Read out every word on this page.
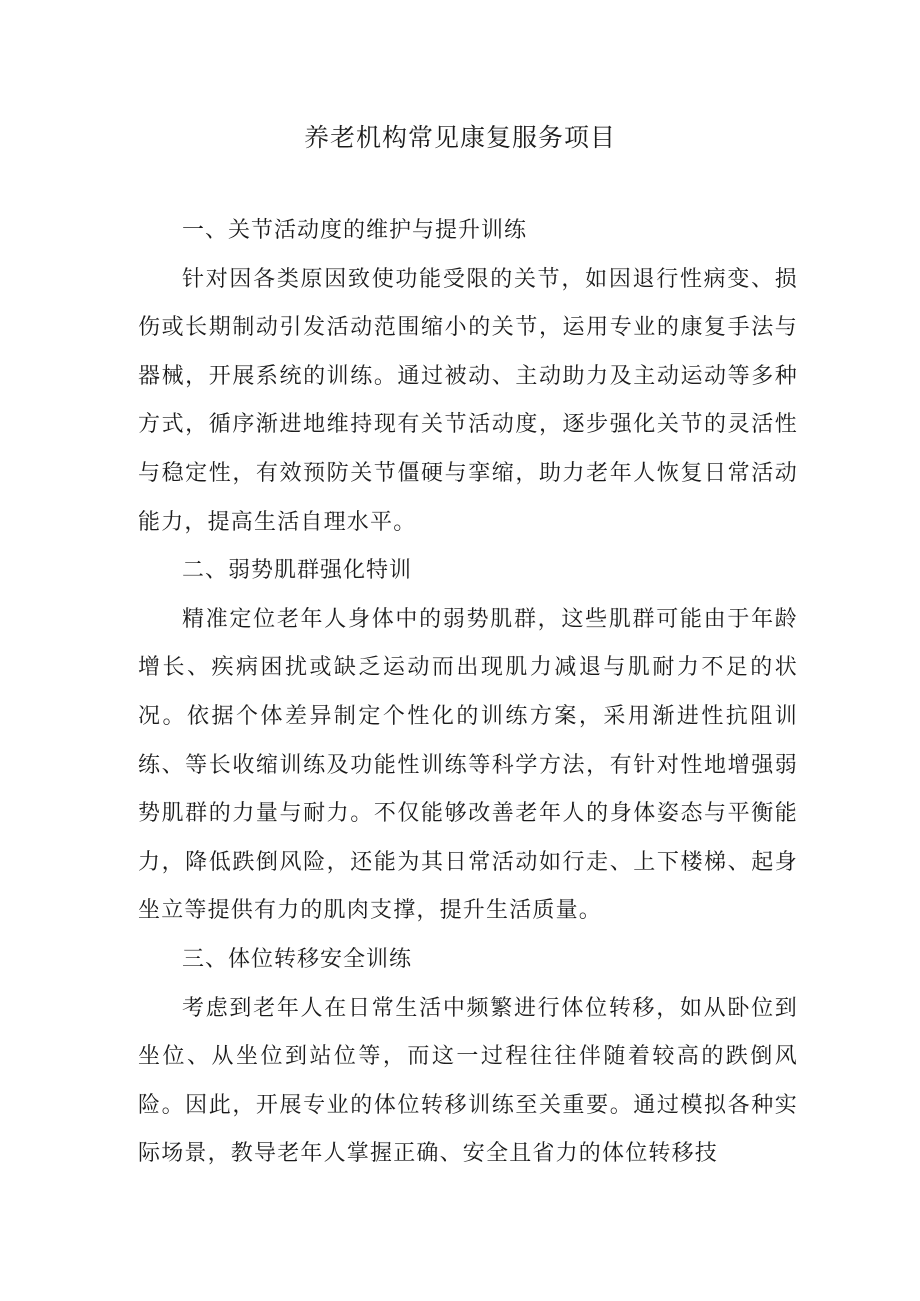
养老机构常见康复服务项目

一、关节活动度的维护与提升训练

针对因各类原因致使功能受限的关节，如因退行性病变、损伤或长期制动引发活动范围缩小的关节，运用专业的康复手法与器械，开展系统的训练。通过被动、主动助力及主动运动等多种方式，循序渐进地维持现有关节活动度，逐步强化关节的灵活性与稳定性，有效预防关节僵硬与挛缩，助力老年人恢复日常活动能力，提高生活自理水平。

二、弱势肌群强化特训

精准定位老年人身体中的弱势肌群，这些肌群可能由于年龄增长、疾病困扰或缺乏运动而出现肌力减退与肌耐力不足的状况。依据个体差异制定个性化的训练方案，采用渐进性抗阻训练、等长收缩训练及功能性训练等科学方法，有针对性地增强弱势肌群的力量与耐力。不仅能够改善老年人的身体姿态与平衡能力，降低跌倒风险，还能为其日常活动如行走、上下楼梯、起身坐立等提供有力的肌肉支撑，提升生活质量。

三、体位转移安全训练

考虑到老年人在日常生活中频繁进行体位转移，如从卧位到坐位、从坐位到站位等，而这一过程往往伴随着较高的跌倒风险。因此，开展专业的体位转移训练至关重要。通过模拟各种实际场景，教导老年人掌握正确、安全且省力的体位转移技
